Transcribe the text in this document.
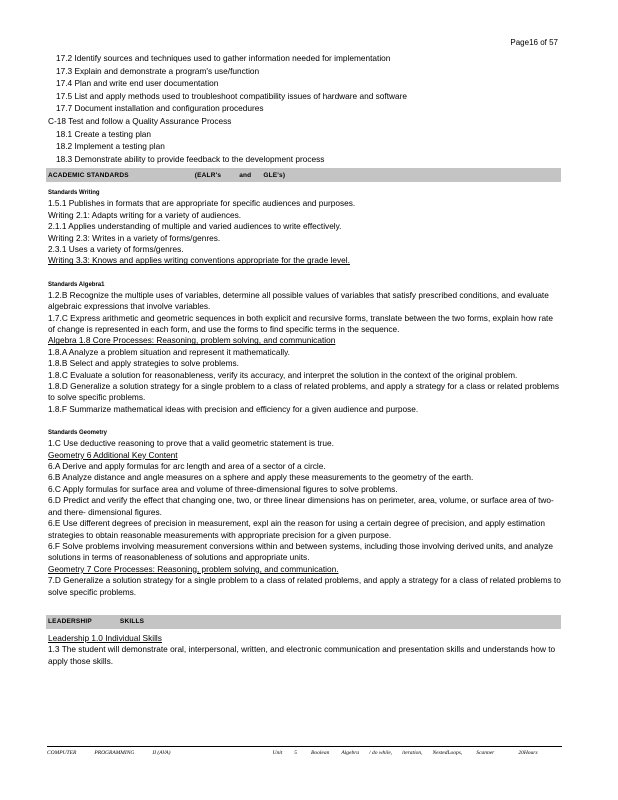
Page16 of 57
17.2 Identify sources and techniques used to gather information needed for implementation
17.3 Explain and demonstrate a program's use/function
17.4 Plan and write end user documentation
17.5 List and apply methods used to troubleshoot compatibility issues of hardware and software
17.7 Document installation and configuration procedures
C-18 Test and follow a Quality Assurance Process
18.1 Create a testing plan
18.2 Implement a testing plan
18.3 Demonstrate ability to provide feedback to the development process
ACADEMIC STANDARDS	(EALR's	and GLE's)
Standards Writing
1.5.1 Publishes in formats that are appropriate for specific audiences and purposes.
Writing 2.1: Adapts writing for a variety of audiences.
2.1.1 Applies understanding of multiple and varied audiences to write effectively.
Writing 2.3: Writes in a variety of forms/genres.
2.3.1 Uses a variety of forms/genres.
Writing 3.3: Knows and applies writing conventions appropriate for the grade level.
Standards Algebra1
1.2.B Recognize the multiple uses of variables, determine all possible values of variables that satisfy prescribed conditions, and evaluate algebraic expressions that involve variables.
1.7.C Express arithmetic and geometric sequences in both explicit and recursive forms, translate between the two forms, explain how rate of change is represented in each form, and use the forms to find specific terms in the sequence.
Algebra 1.8 Core Processes: Reasoning, problem solving, and communication
1.8.A Analyze a problem situation and represent it mathematically.
1.8.B Select and apply strategies to solve problems.
1.8.C Evaluate a solution for reasonableness, verify its accuracy, and interpret the solution in the context of the original problem.
1.8.D Generalize a solution strategy for a single problem to a class of related problems, and apply a strategy for a class or related problems to solve specific problems.
1.8.F Summarize mathematical ideas with precision and efficiency for a given audience and purpose.
Standards Geometry
1.C Use deductive reasoning to prove that a valid geometric statement is true.
Geometry 6 Additional Key Content
6.A Derive and apply formulas for arc length and area of a sector of a circle.
6.B Analyze distance and angle measures on a sphere and apply these measurements to the geometry of the earth.
6.C Apply formulas for surface area and volume of three-dimensional figures to solve problems.
6.D Predict and verify the effect that changing one, two, or three linear dimensions has on perimeter, area, volume, or surface area of two- and there- dimensional figures.
6.E Use different degrees of precision in measurement, expl ain the reason for using a certain degree of precision, and apply estimation strategies to obtain reasonable measurements with appropriate precision for a given purpose.
6.F Solve problems involving measurement conversions within and between systems, including those involving derived units, and analyze solutions in terms of reasonableness of solutions and appropriate units.
Geometry 7 Core Processes: Reasoning, problem solving, and communication.
7.D Generalize a solution strategy for a single problem to a class of related problems, and apply a strategy for a class of related problems to solve specific problems.
LEADERSHIP	SKILLS
Leadership 1.0 Individual Skills
1.3 The student will demonstrate oral, interpersonal, written, and electronic communication and presentation skills and understands how to apply those skills.
COMPUTER	PROGRAMMING	II (AVA)	Unit 5	Boolean Algebra / do while, iteration, NestedLoops,	Scanner	20Hours
